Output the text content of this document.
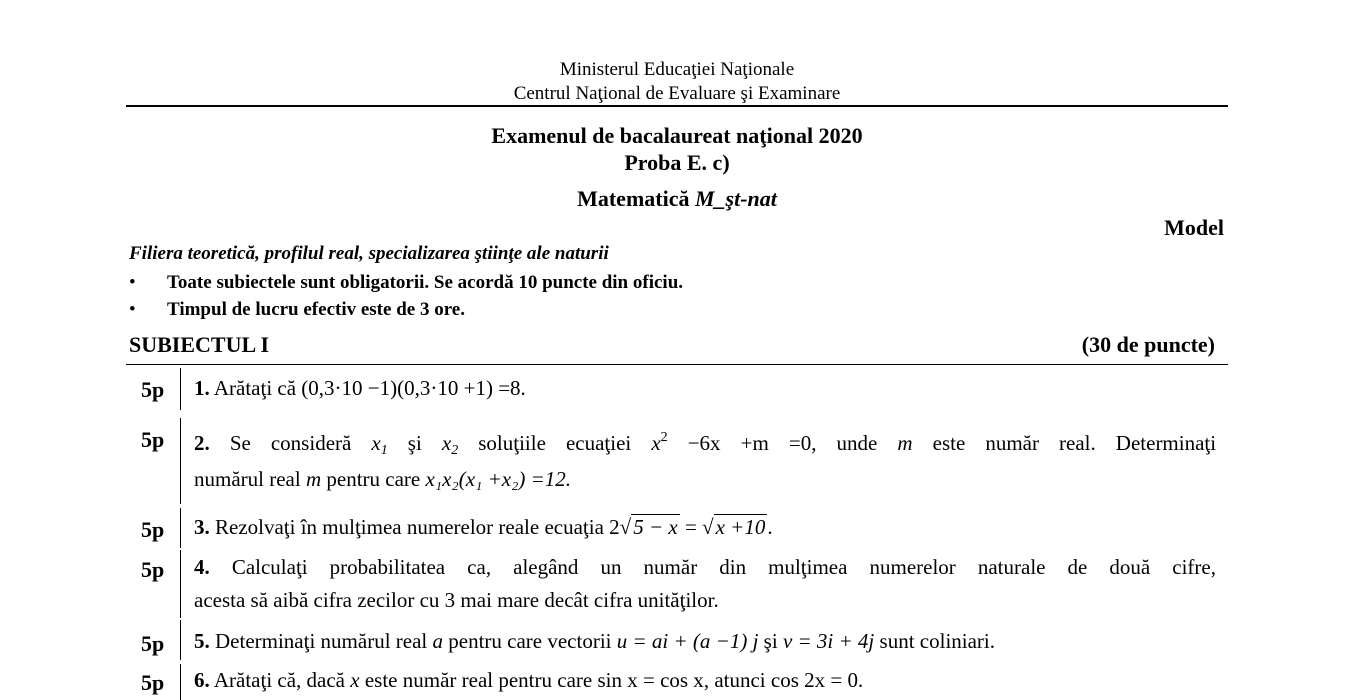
Ministerul Educaţiei Naţionale
Centrul Naţional de Evaluare şi Examinare
Examenul de bacalaureat naţional 2020
Proba E. c)
Matematică M_şt-nat
Model
Filiera teoretică, profilul real, specializarea ştiinţe ale naturii
• Toate subiectele sunt obligatorii. Se acordă 10 puncte din oficiu.
• Timpul de lucru efectiv este de 3 ore.
SUBIECTUL I	(30 de puncte)
5p 1. Arătaţi că (0,3·10 −1)(0,3·10 +1) =8.
5p 2. Se consideră $x_1$ şi $x_2$ soluţiile ecuaţiei $x^2 -6x +m =0$, unde m este număr real. Determinaţi
numărul real m pentru care x₁x₂(x₁ +x₂) =12.
5p 3. Rezolvaţi în mulţimea numerelor reale ecuaţia 2√5 − x = √x +10.
5p 4. Calculaţi probabilitatea ca, alegând un număr din mulţimea numerelor naturale de două cifre,
acesta să aibă cifra zecilor cu 3 mai mare decât cifra unităţilor.
5p 5. Determinaţi numărul real a pentru care vectorii u = ai + (a −1) j şi v = 3i + 4j sunt coliniari.
5p 6. Arătaţi că, dacă x este număr real pentru care sin x = cos x, atunci cos 2x = 0.
